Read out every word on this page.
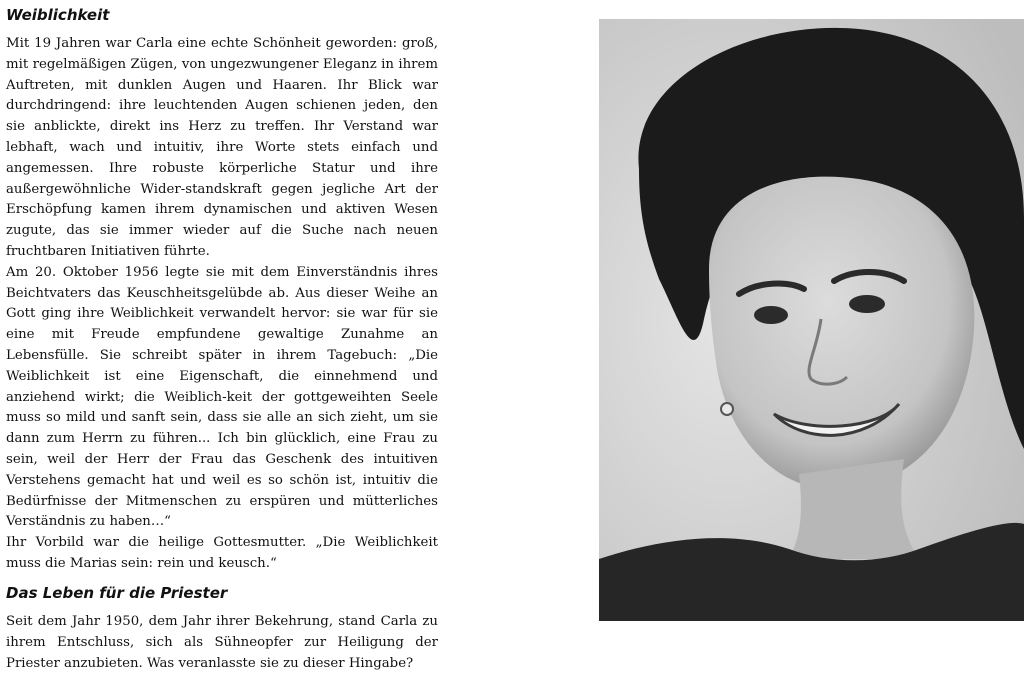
Weiblichkeit

Mit 19 Jahren war Carla eine echte Schönheit geworden: groß, mit regelmäßigen Zügen, von ungezwungener Eleganz in ihrem Auftreten, mit dunklen Augen und Haaren. Ihr Blick war durchdringend: ihre leuchtenden Augen schienen jeden, den sie anblickte, direkt ins Herz zu treffen. Ihr Verstand war lebhaft, wach und intuitiv, ihre Worte stets einfach und angemessen. Ihre robuste körperliche Statur und ihre außergewöhnliche Wider-standskraft gegen jegliche Art der Erschöpfung kamen ihrem dynamischen und aktiven Wesen zugute, das sie immer wieder auf die Suche nach neuen fruchtbaren Initiativen führte.

Am 20. Oktober 1956 legte sie mit dem Einverständnis ihres Beichtvaters das Keuschheitsgelübde ab. Aus dieser Weihe an Gott ging ihre Weiblichkeit verwandelt hervor: sie war für sie eine mit Freude empfundene gewaltige Zunahme an Lebensfülle. Sie schreibt später in ihrem Tagebuch: „Die Weiblichkeit ist eine Eigenschaft, die einnehmend und anziehend wirkt; die Weiblich-keit der gottgeweihten Seele muss so mild und sanft sein, dass sie alle an sich zieht, um sie dann zum Herrn zu führen... Ich bin glücklich, eine Frau zu sein, weil der Herr der Frau das Geschenk des intuitiven Verstehens gemacht hat und weil es so schön ist, intuitiv die Bedürfnisse der Mitmenschen zu erspüren und mütterliches Verständnis zu haben…“

Ihr Vorbild war die heilige Gottesmutter. „Die Weiblichkeit muss die Marias sein: rein und keusch.“

Das Leben für die Priester

Seit dem Jahr 1950, dem Jahr ihrer Bekehrung, stand Carla zu ihrem Entschluss, sich als Sühneopfer zur Heiligung der Priester anzubieten. Was veranlasste sie zu dieser Hingabe?
